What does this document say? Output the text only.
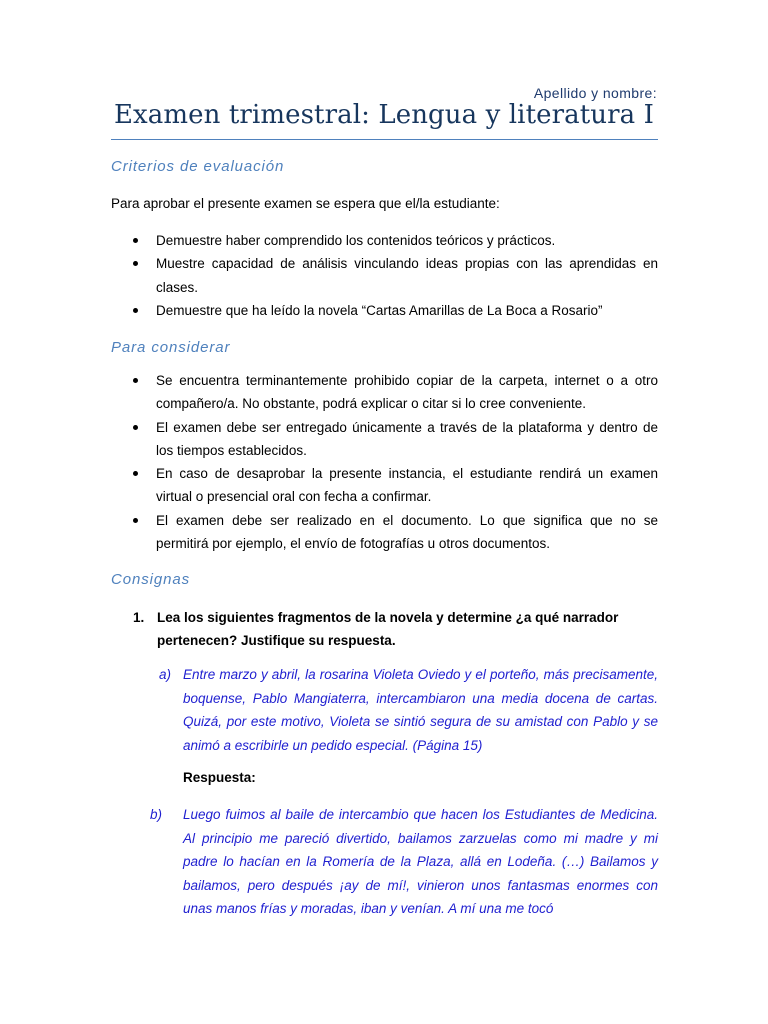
Apellido y nombre:
Examen trimestral: Lengua y literatura I
Criterios de evaluación
Para aprobar el presente examen se espera que el/la estudiante:
Demuestre haber comprendido los contenidos teóricos y prácticos.
Muestre capacidad de análisis vinculando ideas propias con las aprendidas en clases.
Demuestre que ha leído la novela “Cartas Amarillas de La Boca a Rosario”
Para considerar
Se encuentra terminantemente prohibido copiar de la carpeta, internet o a otro compañero/a. No obstante, podrá explicar o citar si lo cree conveniente.
El examen debe ser entregado únicamente a través de la plataforma y dentro de los tiempos establecidos.
En caso de desaprobar la presente instancia, el estudiante rendirá un examen virtual o presencial oral con fecha a confirmar.
El examen debe ser realizado en el documento. Lo que significa que no se permitirá por ejemplo, el envío de fotografías u otros documentos.
Consignas
1. Lea los siguientes fragmentos de la novela y determine ¿a qué narrador pertenecen? Justifique su respuesta.
a) Entre marzo y abril, la rosarina Violeta Oviedo y el porteño, más precisamente, boquense, Pablo Mangiaterra, intercambiaron una media docena de cartas. Quizá, por este motivo, Violeta se sintió segura de su amistad con Pablo y se animó a escribirle un pedido especial. (Página 15)
Respuesta:
b) Luego fuimos al baile de intercambio que hacen los Estudiantes de Medicina. Al principio me pareció divertido, bailamos zarzuelas como mi madre y mi padre lo hacían en la Romería de la Plaza, allá en Lodeña. (…) Bailamos y bailamos, pero después ¡ay de mí!, vinieron unos fantasmas enormes con unas manos frías y moradas, iban y venían. A mí una me tocó
